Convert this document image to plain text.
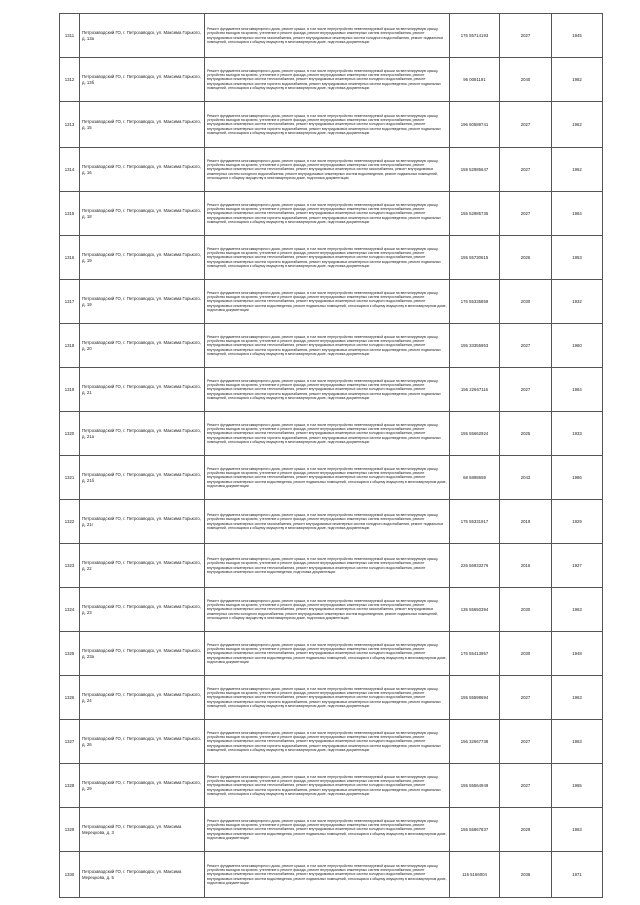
1311	Петрозаводский ГО, г. Петрозаводск, ул. Максима Горького, д. 13а	Ремонт фундамента многоквартирного дома, ремонт крыши, в том числе переустройство невентилируемой крыши на вентилируемую крышу, устройство выходов на кровлю, утепление и ремонт фасада, ремонт внутридомовых инженерных систем электроснабжения, ремонт внутридомовых инженерных систем газоснабжения, ремонт внутридомовых инженерных систем холодного водоснабжения, ремонт подвальных помещений, относящихся к общему имуществу в многоквартирном доме, подготовка документации	176 55714193	2027	1945
1312	Петрозаводский ГО, г. Петрозаводск, ул. Максима Горького, д. 13б	Ремонт фундамента многоквартирного дома, ремонт крыши, в том числе переустройство невентилируемой крыши на вентилируемую крышу, устройство выходов на кровлю, утепление и ремонт фасада, ремонт внутридомовых инженерных систем электроснабжения, ремонт внутридомовых инженерных систем теплоснабжения, ремонт внутридомовых инженерных систем холодного водоснабжения, ремонт внутридомовых инженерных систем горячего водоснабжения, ремонт внутридомовых инженерных систем водоотведения, ремонт подвальных помещений, относящихся к общему имуществу в многоквартирном доме, подготовка документации	96 0081191	2040	1982
1313	Петрозаводский ГО, г. Петрозаводск, ул. Максима Горького, д. 15	Ремонт фундамента многоквартирного дома, ремонт крыши, в том числе переустройство невентилируемой крыши на вентилируемую крышу, устройство выходов на кровлю, утепление и ремонт фасада, ремонт внутридомовых инженерных систем электроснабжения, ремонт внутридомовых инженерных систем теплоснабжения, ремонт внутридомовых инженерных систем холодного водоснабжения, ремонт внутридомовых инженерных систем горячего водоснабжения, ремонт внутридомовых инженерных систем водоотведения, ремонт подвальных помещений, относящихся к общему имуществу в многоквартирном доме, подготовка документации	196 60589741	2027	1962
1314	Петрозаводский ГО, г. Петрозаводск, ул. Максима Горького, д. 16	Ремонт фундамента многоквартирного дома, ремонт крыши, в том числе переустройство невентилируемой крыши на вентилируемую крышу, устройство выходов на кровлю, утепление и ремонт фасада, ремонт внутридомовых инженерных систем электроснабжения, ремонт внутридомовых инженерных систем теплоснабжения, ремонт внутридомовых инженерных систем газоснабжения, ремонт внутридомовых инженерных систем холодного водоснабжения, ремонт внутридомовых инженерных систем водоотведения, ремонт подвальных помещений, относящихся к общему имуществу в многоквартирном доме, подготовка документации	159 52985647	2027	1962
1315	Петрозаводский ГО, г. Петрозаводск, ул. Максима Горького, д. 18	Ремонт фундамента многоквартирного дома, ремонт крыши, в том числе переустройство невентилируемой крыши на вентилируемую крышу, устройство выходов на кровлю, утепление и ремонт фасада, ремонт внутридомовых инженерных систем электроснабжения, ремонт внутридомовых инженерных систем теплоснабжения, ремонт внутридомовых инженерных систем холодного водоснабжения, ремонт внутридомовых инженерных систем горячего водоснабжения, ремонт внутридомовых инженерных систем водоотведения, ремонт подвальных помещений, относящихся к общему имуществу в многоквартирном доме, подготовка документации	155 52985735	2027	1964
1316	Петрозаводский ГО, г. Петрозаводск, ул. Максима Горького, д. 19	Ремонт фундамента многоквартирного дома, ремонт крыши, в том числе переустройство невентилируемой крыши на вентилируемую крышу, устройство выходов на кровлю, утепление и ремонт фасада, ремонт внутридомовых инженерных систем электроснабжения, ремонт внутридомовых инженерных систем теплоснабжения, ремонт внутридомовых инженерных систем холодного водоснабжения, ремонт внутридомовых инженерных систем горячего водоснабжения, ремонт внутридомовых инженерных систем водоотведения, ремонт подвальных помещений, относящихся к общему имуществу в многоквартирном доме, подготовка документации	155 55730615	2026	1953
1317	Петрозаводский ГО, г. Петрозаводск, ул. Максима Горького, д. 19	Ремонт фундамента многоквартирного дома, ремонт крыши, в том числе переустройство невентилируемой крыши на вентилируемую крышу, устройство выходов на кровлю, утепление и ремонт фасада, ремонт внутридомовых инженерных систем электроснабжения, ремонт внутридомовых инженерных систем теплоснабжения, ремонт внутридомовых инженерных систем холодного водоснабжения, ремонт внутридомовых инженерных систем водоотведения, ремонт подвальных помещений, относящихся к общему имуществу в многоквартирном доме, подготовка документации	176 55335859	2030	1932
1318	Петрозаводский ГО, г. Петрозаводск, ул. Максима Горького, д. 20	Ремонт фундамента многоквартирного дома, ремонт крыши, в том числе переустройство невентилируемой крыши на вентилируемую крышу, устройство выходов на кровлю, утепление и ремонт фасада, ремонт внутридомовых инженерных систем электроснабжения, ремонт внутридомовых инженерных систем теплоснабжения, ремонт внутридомовых инженерных систем холодного водоснабжения, ремонт внутридомовых инженерных систем горячего водоснабжения, ремонт внутридомовых инженерных систем водоотведения, ремонт подвальных помещений, относящихся к общему имуществу в многоквартирном доме, подготовка документации	155 33355953	2027	1960
1319	Петрозаводский ГО, г. Петрозаводск, ул. Максима Горького, д. 21	Ремонт фундамента многоквартирного дома, ремонт крыши, в том числе переустройство невентилируемой крыши на вентилируемую крышу, устройство выходов на кровлю, утепление и ремонт фасада, ремонт внутридомовых инженерных систем электроснабжения, ремонт внутридомовых инженерных систем теплоснабжения, ремонт внутридомовых инженерных систем холодного водоснабжения, ремонт внутридомовых инженерных систем горячего водоснабжения, ремонт внутридомовых инженерных систем водоотведения, ремонт подвальных помещений, относящихся к общему имуществу в многоквартирном доме, подготовка документации	156 22667116	2027	1964
1320	Петрозаводский ГО, г. Петрозаводск, ул. Максима Горького, д. 21а	Ремонт фундамента многоквартирного дома, ремонт крыши, в том числе переустройство невентилируемой крыши на вентилируемую крышу, устройство выходов на кровлю, утепление и ремонт фасада, ремонт внутридомовых инженерных систем электроснабжения, ремонт внутридомовых инженерных систем теплоснабжения, ремонт внутридомовых инженерных систем холодного водоснабжения, ремонт внутридомовых инженерных систем горячего водоснабжения, ремонт внутридомовых инженерных систем водоотведения, ремонт подвальных помещений, относящихся к общему имуществу в многоквартирном доме, подготовка документации	155 55662924	2025	1933
1321	Петрозаводский ГО, г. Петрозаводск, ул. Максима Горького, д. 21б	Ремонт фундамента многоквартирного дома, ремонт крыши, в том числе переустройство невентилируемой крыши на вентилируемую крышу, устройство выходов на кровлю, утепление и ремонт фасада, ремонт внутридомовых инженерных систем электроснабжения, ремонт внутридомовых инженерных систем теплоснабжения, ремонт внутридомовых инженерных систем холодного водоснабжения, ремонт внутридомовых инженерных систем водоотведения, ремонт подвальных помещений, относящихся к общему имуществу в многоквартирном доме, подготовка документации	68 5898659	2043	1986
1322	Петрозаводский ГО, г. Петрозаводск, ул. Максима Горького, д. 21г	Ремонт фундамента многоквартирного дома, ремонт крыши, в том числе переустройство невентилируемой крыши на вентилируемую крышу, устройство выходов на кровлю, утепление и ремонт фасада, ремонт внутридомовых инженерных систем электроснабжения, ремонт внутридомовых инженерных систем газоснабжения, ремонт внутридомовых инженерных систем холодного водоснабжения, ремонт подвальных помещений, относящихся к общему имуществу в многоквартирном доме, подготовка документации	175 55331917	2019	1929
1323	Петрозаводский ГО, г. Петрозаводск, ул. Максима Горького, д. 22	Ремонт фундамента многоквартирного дома, ремонт крыши, в том числе переустройство невентилируемой крыши на вентилируемую крышу, устройство выходов на кровлю, утепление и ремонт фасада, ремонт внутридомовых инженерных систем электроснабжения, ремонт внутридомовых инженерных систем теплоснабжения, ремонт внутридомовых инженерных систем холодного водоснабжения, ремонт внутридомовых инженерных систем водоотведения, подготовка документации	226 56933276	2016	1927
1324	Петрозаводский ГО, г. Петрозаводск, ул. Максима Горького, д. 23	Ремонт фундамента многоквартирного дома, ремонт крыши, в том числе переустройство невентилируемой крыши на вентилируемую крышу, устройство выходов на кровлю, утепление и ремонт фасада, ремонт внутридомовых инженерных систем электроснабжения, ремонт внутридомовых инженерных систем теплоснабжения, ремонт внутридомовых инженерных систем газоснабжения, ремонт внутридомовых инженерных систем холодного водоснабжения, ремонт внутридомовых инженерных систем водоотведения, ремонт подвальных помещений, относящихся к общему имуществу в многоквартирном доме, подготовка документации	135 55650394	2030	1963
1325	Петрозаводский ГО, г. Петрозаводск, ул. Максима Горького, д. 23а	Ремонт фундамента многоквартирного дома, ремонт крыши, в том числе переустройство невентилируемой крыши на вентилируемую крышу, устройство выходов на кровлю, утепление и ремонт фасада, ремонт внутридомовых инженерных систем электроснабжения, ремонт внутридомовых инженерных систем теплоснабжения, ремонт внутридомовых инженерных систем холодного водоснабжения, ремонт внутридомовых инженерных систем водоотведения, ремонт подвальных помещений, относящихся к общему имуществу в многоквартирном доме, подготовка документации	176 55413957	2030	1948
1326	Петрозаводский ГО, г. Петрозаводск, ул. Максима Горького, д. 24	Ремонт фундамента многоквартирного дома, ремонт крыши, в том числе переустройство невентилируемой крыши на вентилируемую крышу, устройство выходов на кровлю, утепление и ремонт фасада, ремонт внутридомовых инженерных систем электроснабжения, ремонт внутридомовых инженерных систем теплоснабжения, ремонт внутридомовых инженерных систем холодного водоснабжения, ремонт внутридомовых инженерных систем горячего водоснабжения, ремонт внутридомовых инженерных систем водоотведения, ремонт подвальных помещений, относящихся к общему имуществу в многоквартирном доме, подготовка документации	155 55598694	2027	1963
1327	Петрозаводский ГО, г. Петрозаводск, ул. Максима Горького, д. 26	Ремонт фундамента многоквартирного дома, ремонт крыши, в том числе переустройство невентилируемой крыши на вентилируемую крышу, устройство выходов на кровлю, утепление и ремонт фасада, ремонт внутридомовых инженерных систем электроснабжения, ремонт внутридомовых инженерных систем теплоснабжения, ремонт внутридомовых инженерных систем холодного водоснабжения, ремонт внутридомовых инженерных систем горячего водоснабжения, ремонт внутридомовых инженерных систем водоотведения, ремонт подвальных помещений, относящихся к общему имуществу в многоквартирном доме, подготовка документации	156 32667738	2027	1963
1328	Петрозаводский ГО, г. Петрозаводск, ул. Максима Горького, д. 29	Ремонт фундамента многоквартирного дома, ремонт крыши, в том числе переустройство невентилируемой крыши на вентилируемую крышу, устройство выходов на кровлю, утепление и ремонт фасада, ремонт внутридомовых инженерных систем электроснабжения, ремонт внутридомовых инженерных систем теплоснабжения, ремонт внутридомовых инженерных систем холодного водоснабжения, ремонт внутридомовых инженерных систем горячего водоснабжения, ремонт внутридомовых инженерных систем водоотведения, ремонт подвальных помещений, относящихся к общему имуществу в многоквартирном доме, подготовка документации	155 55564949	2027	1965
1329	Петрозаводский ГО, г. Петрозаводск, ул. Максима Мерецкова, д. 3	Ремонт фундамента многоквартирного дома, ремонт крыши, в том числе переустройство невентилируемой крыши на вентилируемую крышу, устройство выходов на кровлю, утепление и ремонт фасада, ремонт внутридомовых инженерных систем электроснабжения, ремонт внутридомовых инженерных систем теплоснабжения, ремонт внутридомовых инженерных систем холодного водоснабжения, ремонт внутридомовых инженерных систем водоотведения, ремонт подвальных помещений, относящихся к общему имуществу в многоквартирном доме, подготовка документации	155 55867837	2029	1963
1330	Петрозаводский ГО, г. Петрозаводск, ул. Максима Мерецкова, д. 5	Ремонт фундамента многоквартирного дома, ремонт крыши, в том числе переустройство невентилируемой крыши на вентилируемую крышу, устройство выходов на кровлю, утепление и ремонт фасада, ремонт внутридомовых инженерных систем электроснабжения, ремонт внутридомовых инженерных систем теплоснабжения, ремонт внутридомовых инженерных систем холодного водоснабжения, ремонт внутридомовых инженерных систем водоотведения, ремонт подвальных помещений, относящихся к общему имуществу в многоквартирном доме, подготовка документации	115 5166004	2036	1971
